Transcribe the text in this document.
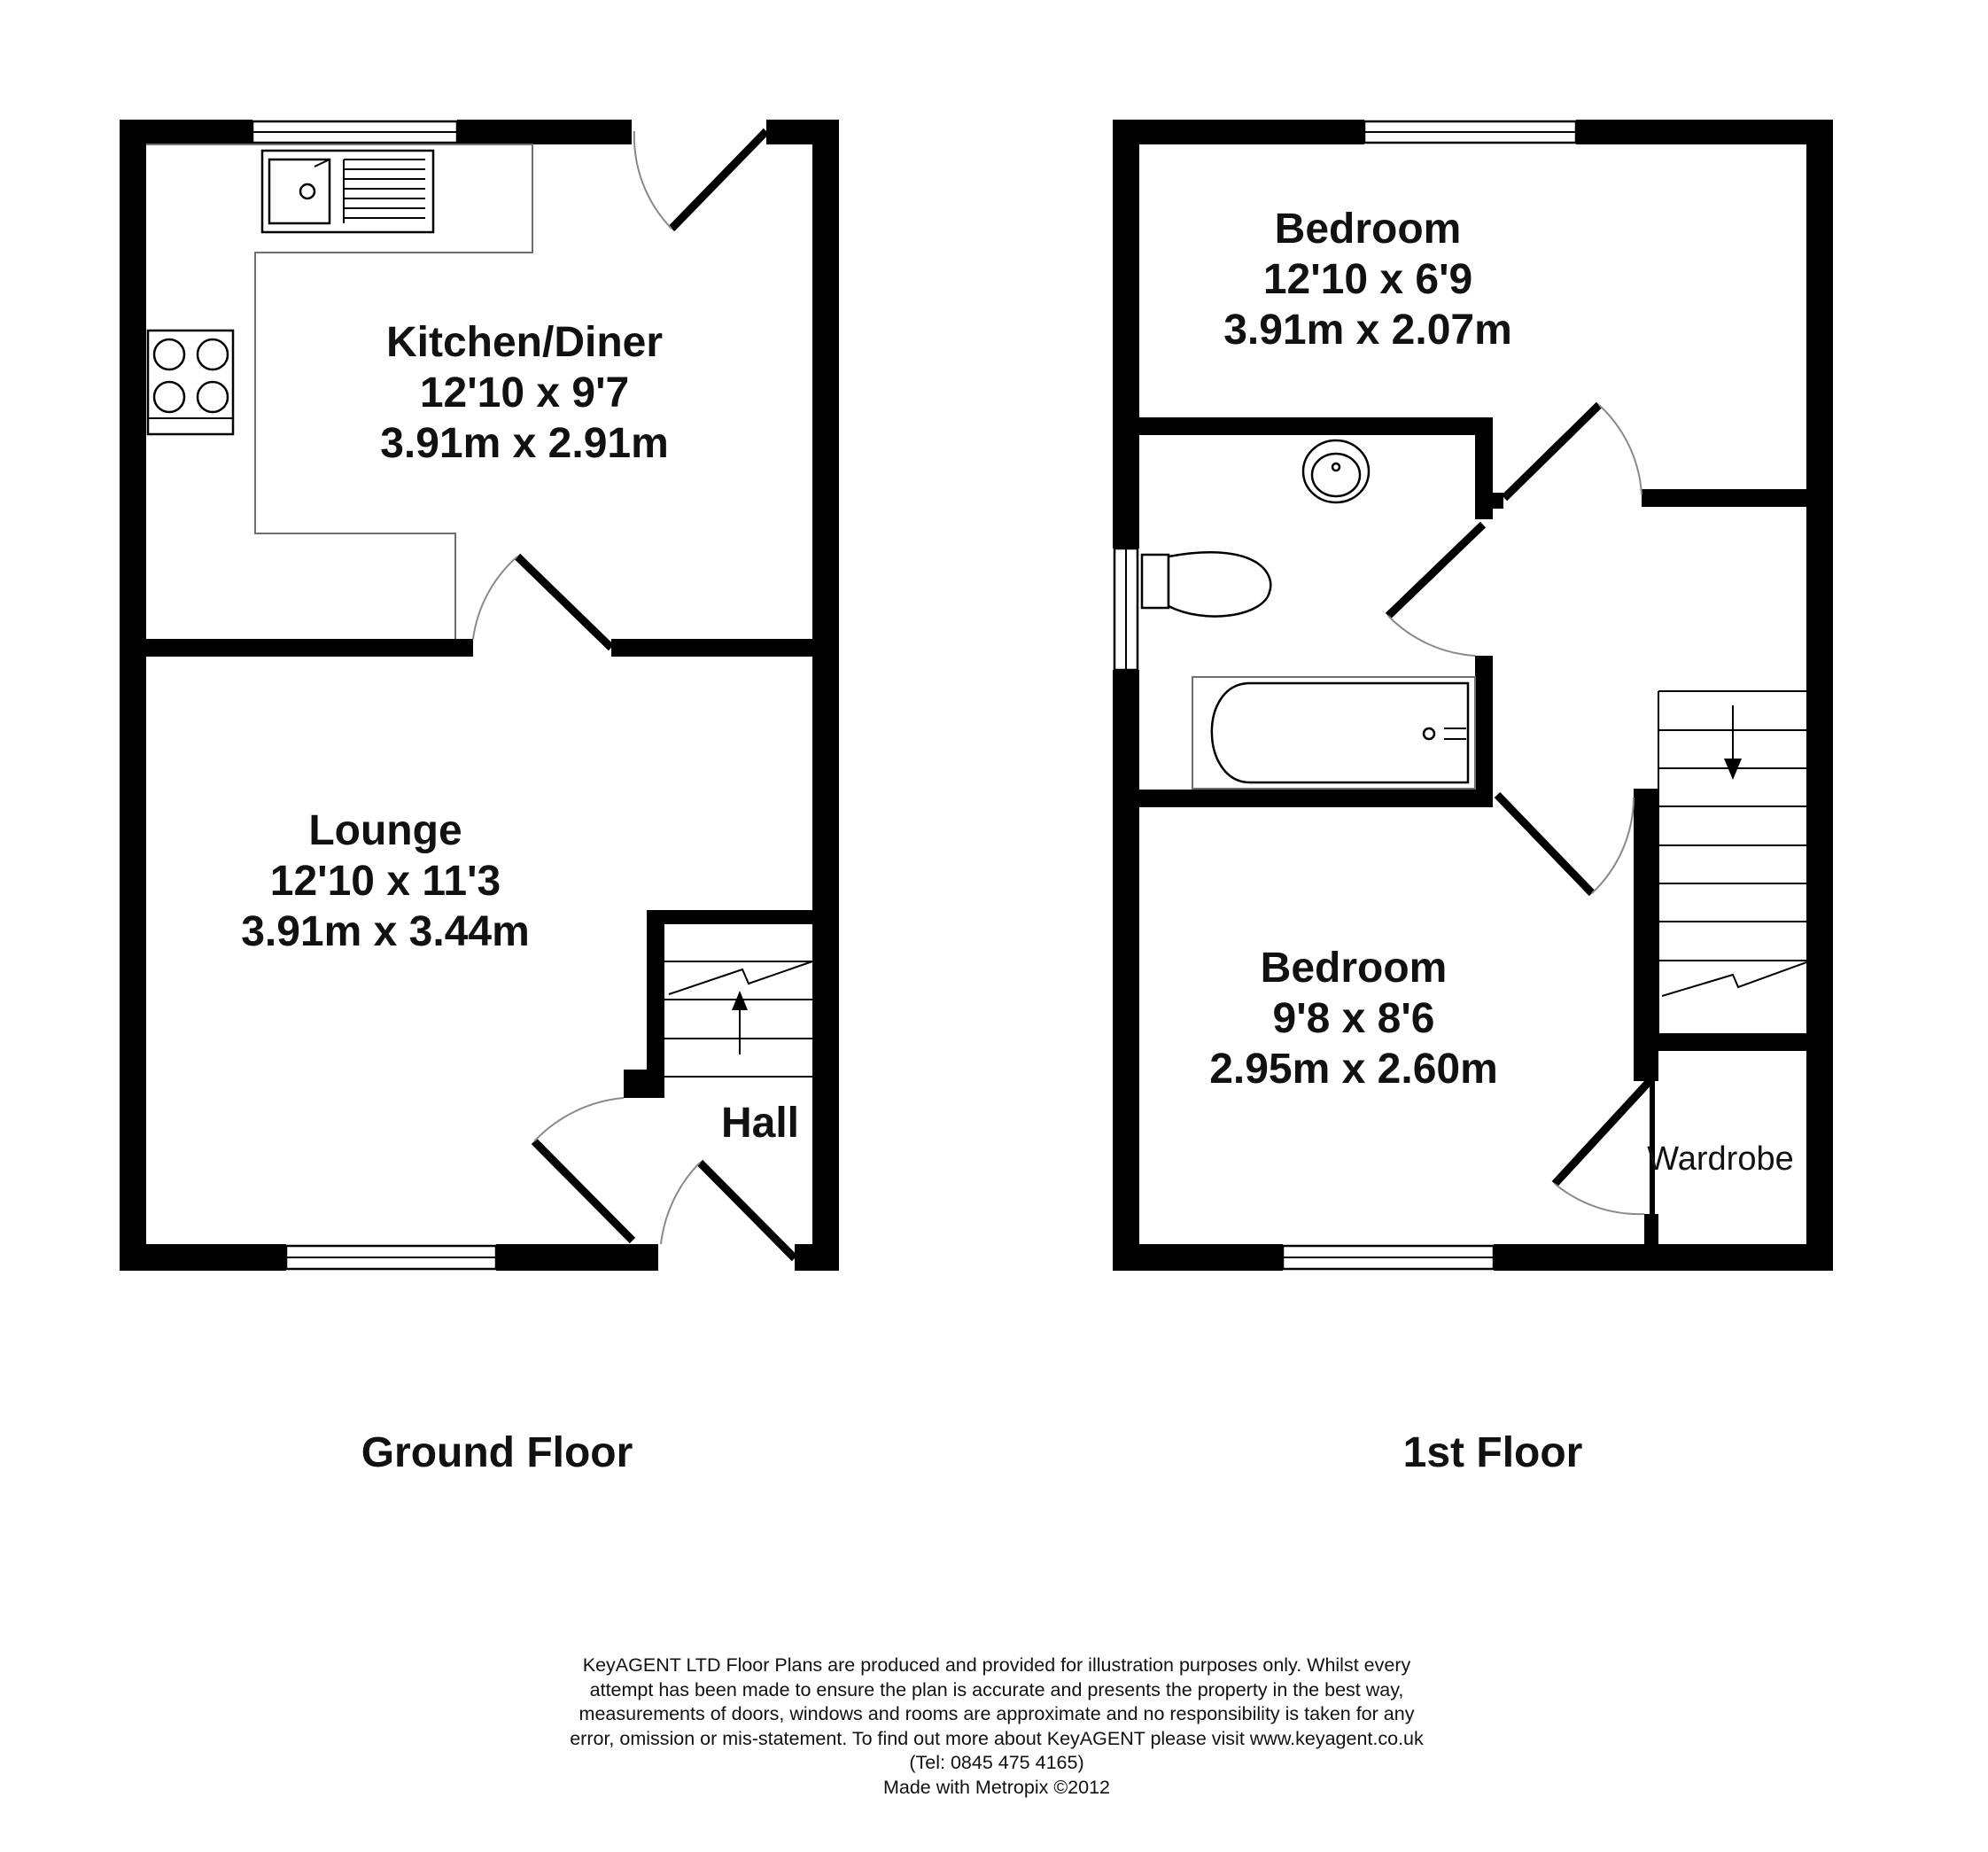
Kitchen/Diner
12'10 x 9'7
3.91m x 2.91m
Lounge
12'10 x 11'3
3.91m x 3.44m
Hall
Bedroom
12'10 x 6'9
3.91m x 2.07m
Bedroom
9'8 x 8'6
2.95m x 2.60m
Wardrobe
Ground Floor	1st Floor
KeyAGENT LTD Floor Plans are produced and provided for illustration purposes only. Whilst every
attempt has been made to ensure the plan is accurate and presents the property in the best way,
measurements of doors, windows and rooms are approximate and no responsibility is taken for any
error, omission or mis-statement. To find out more about KeyAGENT please visit www.keyagent.co.uk
(Tel: 0845 475 4165)
Made with Metropix ©2012
